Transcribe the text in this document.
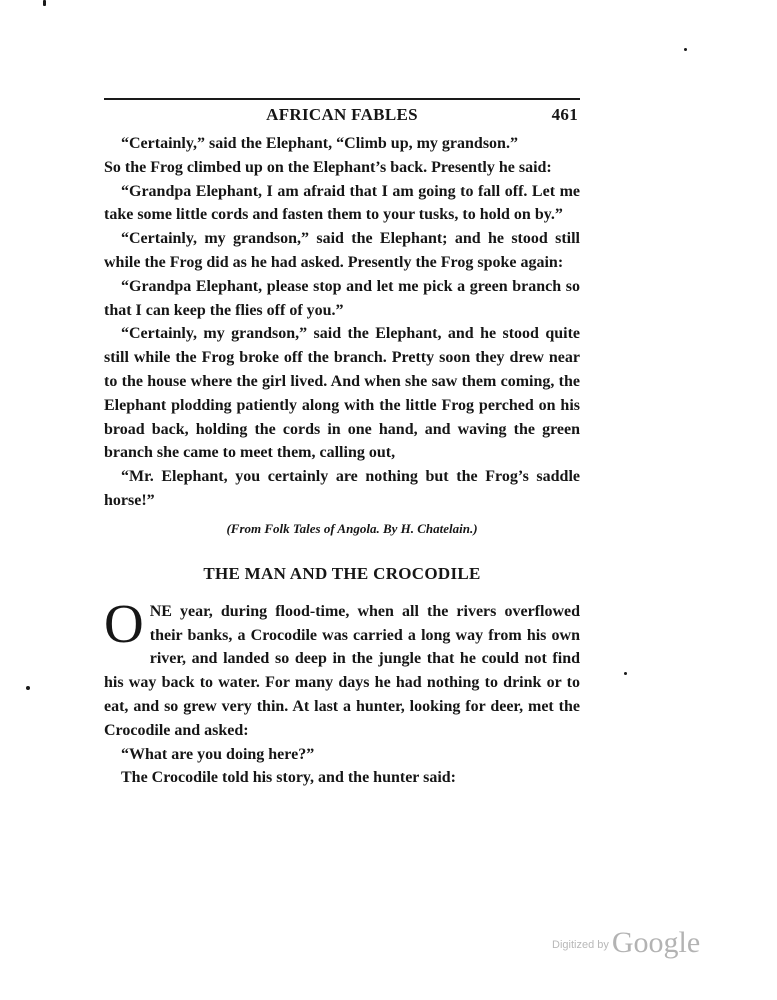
AFRICAN FABLES	461

“Certainly,” said the Elephant, “Climb up, my grandson.”

So the Frog climbed up on the Elephant’s back. Presently he said:

“Grandpa Elephant, I am afraid that I am going to fall off. Let me take some little cords and fasten them to your tusks, to hold on by.”

“Certainly, my grandson,” said the Elephant; and he stood still while the Frog did as he had asked. Presently the Frog spoke again:

“Grandpa Elephant, please stop and let me pick a green branch so that I can keep the flies off of you.”

“Certainly, my grandson,” said the Elephant, and he stood quite still while the Frog broke off the branch. Pretty soon they drew near to the house where the girl lived. And when she saw them coming, the Elephant plodding patiently along with the little Frog perched on his broad back, holding the cords in one hand, and waving the green branch she came to meet them, calling out,

“Mr. Elephant, you certainly are nothing but the Frog’s saddle horse!”

(From Folk Tales of Angola. By H. Chatelain.)

THE MAN AND THE CROCODILE

ONE year, during flood-time, when all the rivers overflowed their banks, a Crocodile was carried a long way from his own river, and landed so deep in the jungle that he could not find his way back to water. For many days he had nothing to drink or to eat, and so grew very thin. At last a hunter, looking for deer, met the Crocodile and asked:

“What are you doing here?”

The Crocodile told his story, and the hunter said:

Digitized by Google
